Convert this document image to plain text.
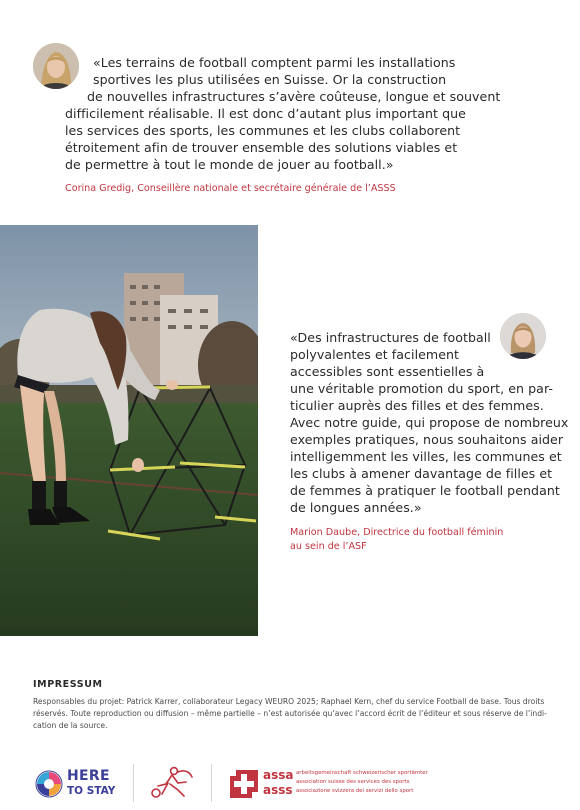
«Les terrains de football comptent parmi les installations
sportives les plus utilisées en Suisse. Or la construction
de nouvelles infrastructures s’avère coûteuse, longue et souvent
difficilement réalisable. Il est donc d’autant plus important que
les services des sports, les communes et les clubs collaborent
étroitement afin de trouver ensemble des solutions viables et
de permettre à tout le monde de jouer au football.»
Corina Gredig, Conseillère nationale et secrétaire générale de l’ASSS
«Des infrastructures de football
polyvalentes et facilement
accessibles sont essentielles à
une véritable promotion du sport, en par-
ticulier auprès des filles et des femmes.
Avec notre guide, qui propose de nombreux
exemples pratiques, nous souhaitons aider
intelligemment les villes, les communes et
les clubs à amener davantage de filles et
de femmes à pratiquer le football pendant
de longues années.»
Marion Daube, Directrice du football féminin
au sein de l’ASF
IMPRESSUM
Responsables du projet: Patrick Karrer, collaborateur Legacy WEURO 2025; Raphael Kern, chef du service Football de base. Tous droits
réservés. Toute reproduction ou diffusion – même partielle – n’est autorisée qu’avec l’accord écrit de l’éditeur et sous réserve de l’indi-
cation de la source.
HERE
TO STAY
assa
asss
arbeitsgemeinschaft schweizerischer sportämter
association suisse des services des sports
associazione svizzera dei servizi dello sport
